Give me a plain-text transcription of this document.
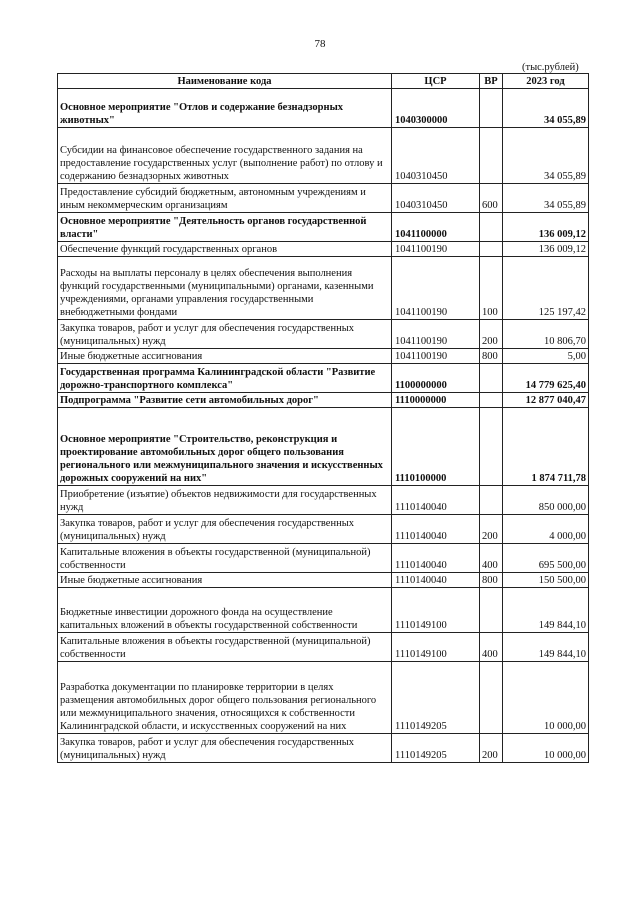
78
(тыс.рублей)
Наименование кода	ЦСР	ВР	2023 год
Основное мероприятие "Отлов и содержание безнадзорных животных"	1040300000		34 055,89
Субсидии на финансовое обеспечение государственного задания на предоставление государственных услуг (выполнение работ) по отлову и содержанию безнадзорных животных	1040310450		34 055,89
Предоставление субсидий бюджетным, автономным учреждениям и иным некоммерческим организациям	1040310450	600	34 055,89
Основное мероприятие "Деятельность органов государственной власти"	1041100000		136 009,12
Обеспечение функций государственных органов	1041100190		136 009,12
Расходы на выплаты персоналу в целях обеспечения выполнения функций государственными (муниципальными) органами, казенными учреждениями, органами управления государственными внебюджетными фондами	1041100190	100	125 197,42
Закупка товаров, работ и услуг для обеспечения государственных (муниципальных) нужд	1041100190	200	10 806,70
Иные бюджетные ассигнования	1041100190	800	5,00
Государственная программа Калининградской области "Развитие дорожно-транспортного комплекса"	1100000000		14 779 625,40
Подпрограмма "Развитие сети автомобильных дорог"	1110000000		12 877 040,47
Основное мероприятие "Строительство, реконструкция и проектирование автомобильных дорог общего пользования регионального или межмуниципального значения и искусственных дорожных сооружений на них"	1110100000		1 874 711,78
Приобретение (изъятие) объектов недвижимости для государственных нужд	1110140040		850 000,00
Закупка товаров, работ и услуг для обеспечения государственных (муниципальных) нужд	1110140040	200	4 000,00
Капитальные вложения в объекты государственной (муниципальной) собственности	1110140040	400	695 500,00
Иные бюджетные ассигнования	1110140040	800	150 500,00
Бюджетные инвестиции дорожного фонда на осуществление капитальных вложений в объекты государственной собственности	1110149100		149 844,10
Капитальные вложения в объекты государственной (муниципальной) собственности	1110149100	400	149 844,10
Разработка документации по планировке территории в целях размещения автомобильных дорог общего пользования регионального или межмуниципального значения, относящихся к собственности Калининградской области, и искусственных сооружений на них	1110149205		10 000,00
Закупка товаров, работ и услуг для обеспечения государственных (муниципальных) нужд	1110149205	200	10 000,00
